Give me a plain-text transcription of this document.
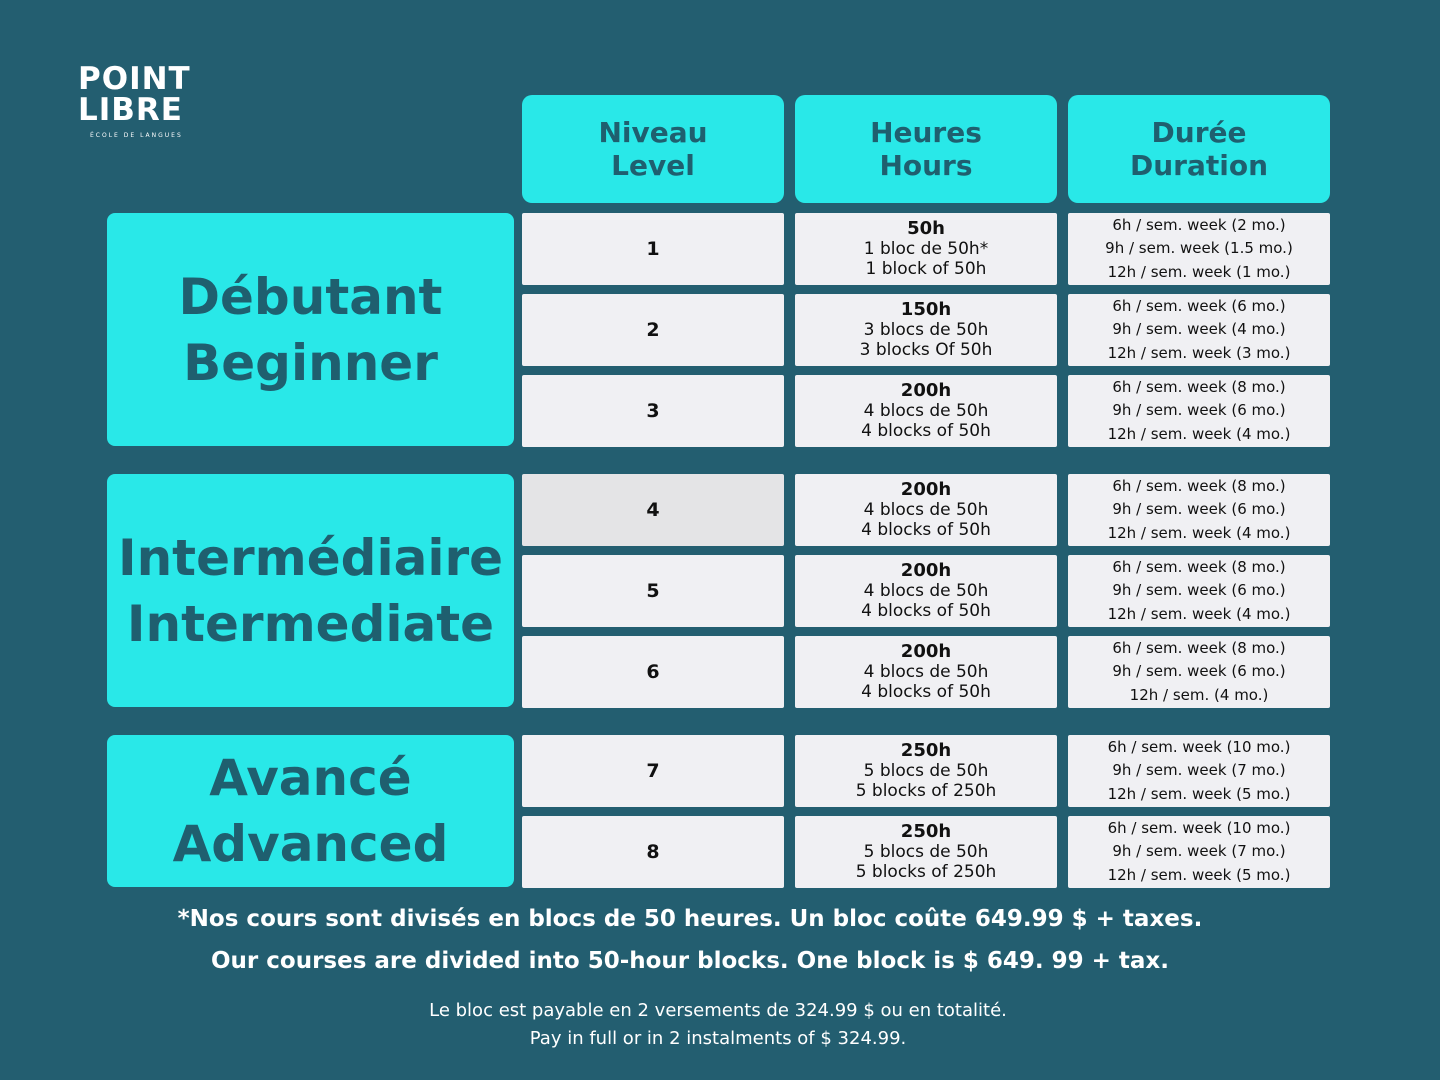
POINT
LIBRE
ÉCOLE DE LANGUES	Niveau
Level
Heures
Hours
Durée
Duration
Débutant
Beginner
Intermédiaire
Intermediate
Avancé
Advanced
1
50h
1 bloc de 50h*
1 block of 50h
6h / sem. week (2 mo.)
9h / sem. week (1.5 mo.)
12h / sem. week (1 mo.)
2
150h
3 blocs de 50h
3 blocks Of 50h
6h / sem. week (6 mo.)
9h / sem. week (4 mo.)
12h / sem. week (3 mo.)
3
200h
4 blocs de 50h
4 blocks of 50h
6h / sem. week (8 mo.)
9h / sem. week (6 mo.)
12h / sem. week (4 mo.)
4
200h
4 blocs de 50h
4 blocks of 50h
6h / sem. week (8 mo.)
9h / sem. week (6 mo.)
12h / sem. week (4 mo.)
5
200h
4 blocs de 50h
4 blocks of 50h
6h / sem. week (8 mo.)
9h / sem. week (6 mo.)
12h / sem. week (4 mo.)
6
200h
4 blocs de 50h
4 blocks of 50h
6h / sem. week (8 mo.)
9h / sem. week (6 mo.)
12h / sem. (4 mo.)
7
250h
5 blocs de 50h
5 blocks of 250h
6h / sem. week (10 mo.)
9h / sem. week (7 mo.)
12h / sem. week (5 mo.)
8
250h
5 blocs de 50h
5 blocks of 250h
6h / sem. week (10 mo.)
9h / sem. week (7 mo.)
12h / sem. week (5 mo.)
*Nos cours sont divisés en blocs de 50 heures. Un bloc coûte 649.99 $ + taxes.
Our courses are divided into 50-hour blocks. One block is $ 649. 99 + tax.
Le bloc est payable en 2 versements de 324.99 $ ou en totalité.
Pay in full or in 2 instalments of $ 324.99.
